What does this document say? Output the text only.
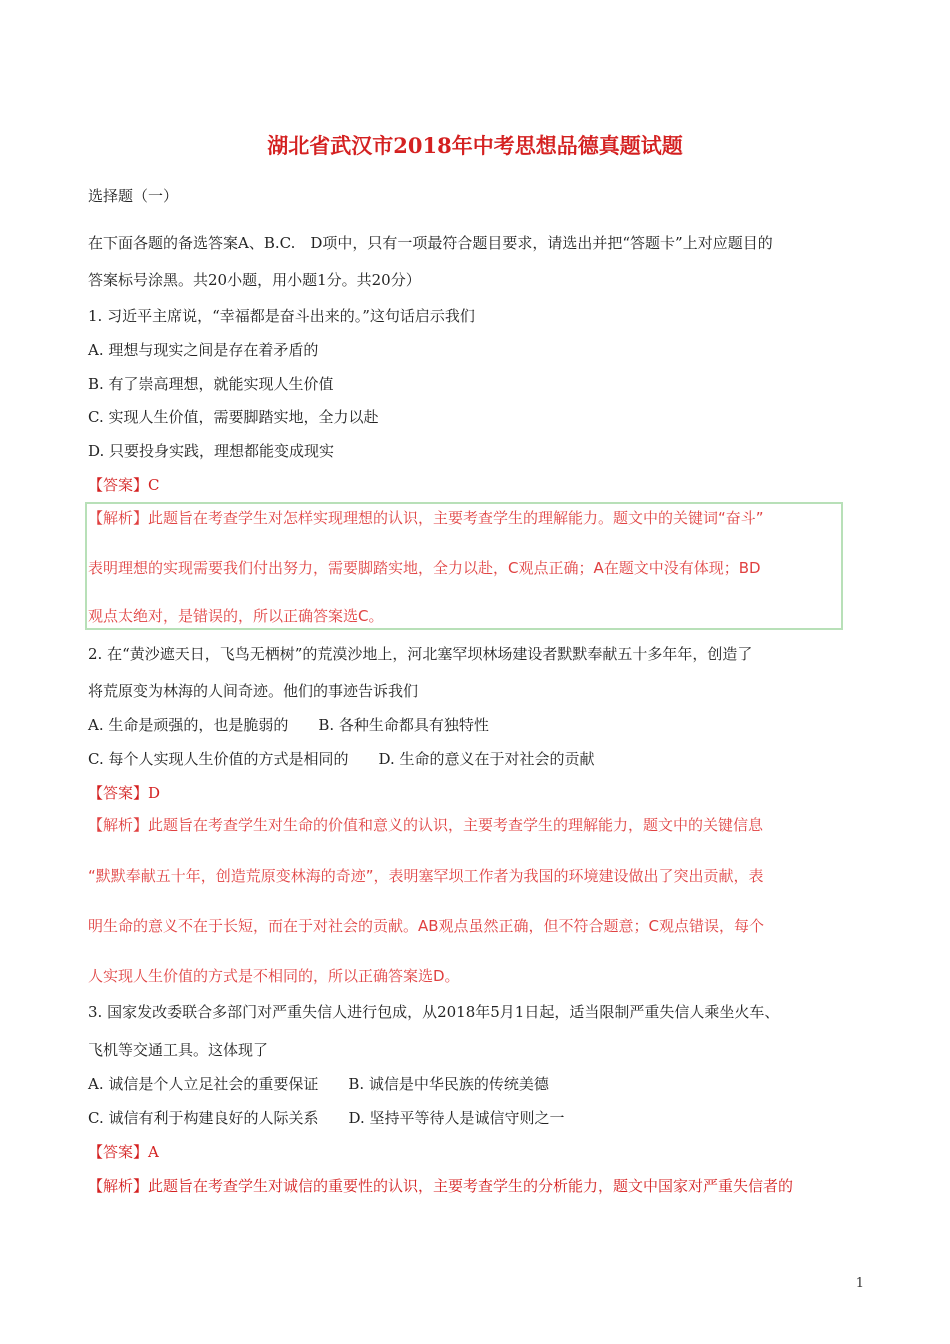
湖北省武汉市2018年中考思想品德真题试题
选择题（一）
在下面各题的备选答案A、B.C.　D项中，只有一项最符合题目要求，请选出并把“答题卡”上对应题目的
答案标号涂黑。共20小题，用小题1分。共20分）
1. 习近平主席说，“幸福都是奋斗出来的。”这句话启示我们
A. 理想与现实之间是存在着矛盾的
B. 有了崇高理想，就能实现人生价值
C. 实现人生价值，需要脚踏实地，全力以赴
D. 只要投身实践，理想都能变成现实
【答案】C
【解析】此题旨在考查学生对怎样实现理想的认识，主要考查学生的理解能力。题文中的关键词“奋斗”
表明理想的实现需要我们付出努力，需要脚踏实地，全力以赴，C观点正确；A在题文中没有体现；BD
观点太绝对，是错误的，所以正确答案选C。
2. 在“黄沙遮天日，飞鸟无栖树”的荒漠沙地上，河北塞罕坝林场建设者默默奉献五十多年年，创造了
将荒原变为林海的人间奇迹。他们的事迹告诉我们
A. 生命是顽强的，也是脆弱的　　B. 各种生命都具有独特性
C. 每个人实现人生价值的方式是相同的　　D. 生命的意义在于对社会的贡献
【答案】D
【解析】此题旨在考查学生对生命的价值和意义的认识，主要考查学生的理解能力，题文中的关键信息
“默默奉献五十年，创造荒原变林海的奇迹”，表明塞罕坝工作者为我国的环境建设做出了突出贡献，表
明生命的意义不在于长短，而在于对社会的贡献。AB观点虽然正确，但不符合题意；C观点错误，每个
人实现人生价值的方式是不相同的，所以正确答案选D。
3. 国家发改委联合多部门对严重失信人进行包成，从2018年5月1日起，适当限制严重失信人乘坐火车、
飞机等交通工具。这体现了
A. 诚信是个人立足社会的重要保证　　B. 诚信是中华民族的传统美德
C. 诚信有利于构建良好的人际关系　　D. 坚持平等待人是诚信守则之一
【答案】A
【解析】此题旨在考查学生对诚信的重要性的认识，主要考查学生的分析能力，题文中国家对严重失信者的
1
